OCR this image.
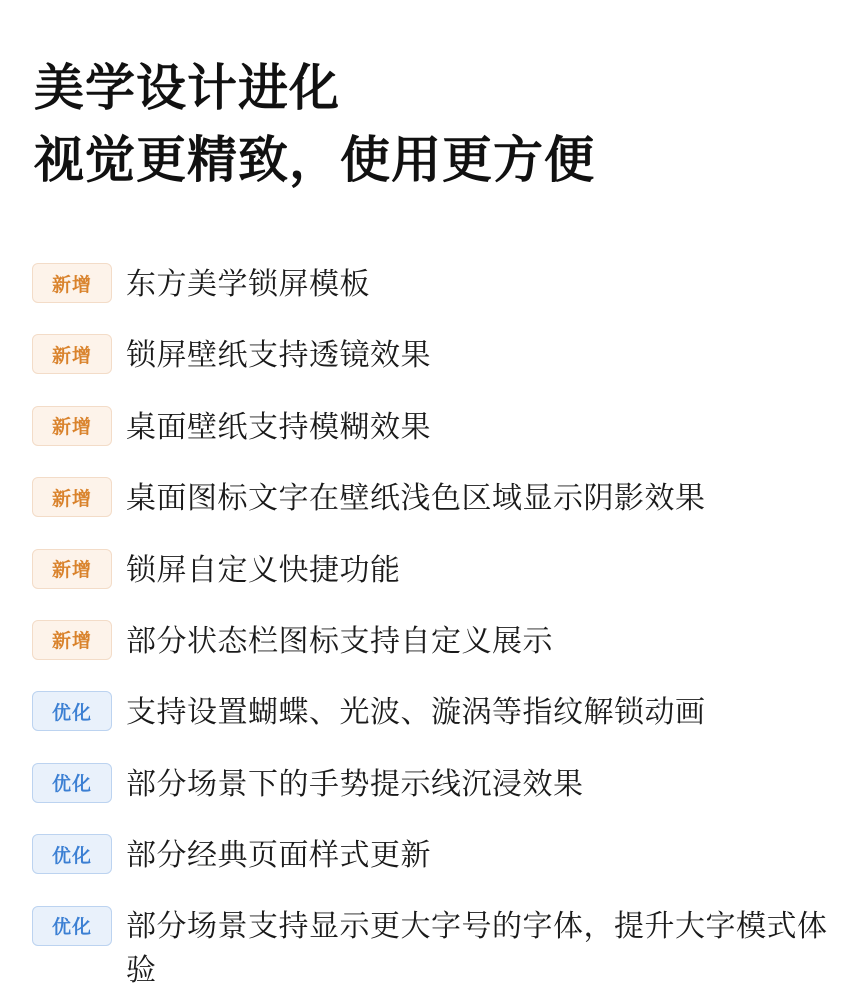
美学设计进化
视觉更精致，使用更方便
新增	东方美学锁屏模板
新增	锁屏壁纸支持透镜效果
新增	桌面壁纸支持模糊效果
新增	桌面图标文字在壁纸浅色区域显示阴影效果
新增	锁屏自定义快捷功能
新增	部分状态栏图标支持自定义展示
优化	支持设置蝴蝶、光波、漩涡等指纹解锁动画
优化	部分场景下的手势提示线沉浸效果
优化	部分经典页面样式更新
优化	部分场景支持显示更大字号的字体，提升大字模式体验
